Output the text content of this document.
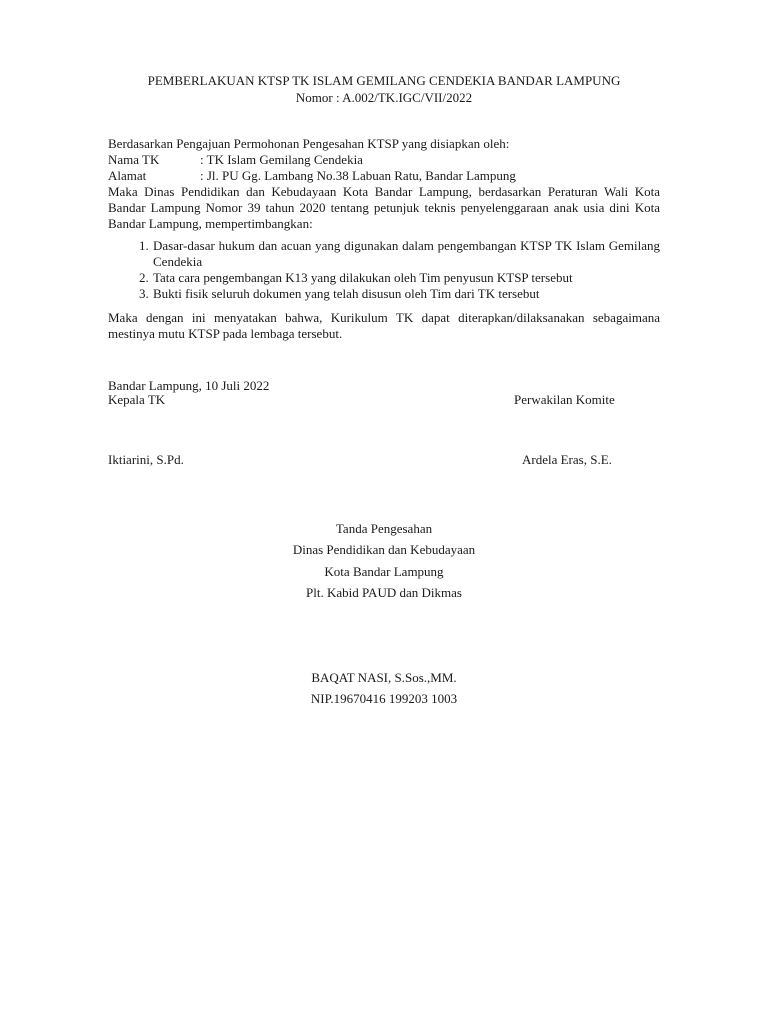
PEMBERLAKUAN KTSP TK ISLAM GEMILANG CENDEKIA BANDAR LAMPUNG
Nomor : A.002/TK.IGC/VII/2022
Berdasarkan Pengajuan Permohonan Pengesahan KTSP yang disiapkan oleh:
Nama TK	: TK Islam Gemilang Cendekia
Alamat	: Jl. PU Gg. Lambang No.38 Labuan Ratu, Bandar Lampung
Maka Dinas Pendidikan dan Kebudayaan Kota Bandar Lampung, berdasarkan Peraturan Wali Kota Bandar Lampung Nomor 39 tahun 2020 tentang petunjuk teknis penyelenggaraan anak usia dini Kota Bandar Lampung, mempertimbangkan:
1. Dasar-dasar hukum dan acuan yang digunakan dalam pengembangan KTSP TK Islam Gemilang Cendekia
2. Tata cara pengembangan K13 yang dilakukan oleh Tim penyusun KTSP tersebut
3. Bukti fisik seluruh dokumen yang telah disusun oleh Tim dari TK tersebut
Maka dengan ini menyatakan bahwa, Kurikulum TK dapat diterapkan/dilaksanakan sebagaimana mestinya mutu KTSP pada lembaga tersebut.
Bandar Lampung, 10 Juli 2022
Kepala TK	Perwakilan Komite
Iktiarini, S.Pd.	Ardela Eras, S.E.
Tanda Pengesahan
Dinas Pendidikan dan Kebudayaan
Kota Bandar Lampung
Plt. Kabid PAUD dan Dikmas
BAQAT NASI, S.Sos.,MM.
NIP.19670416 199203 1003
